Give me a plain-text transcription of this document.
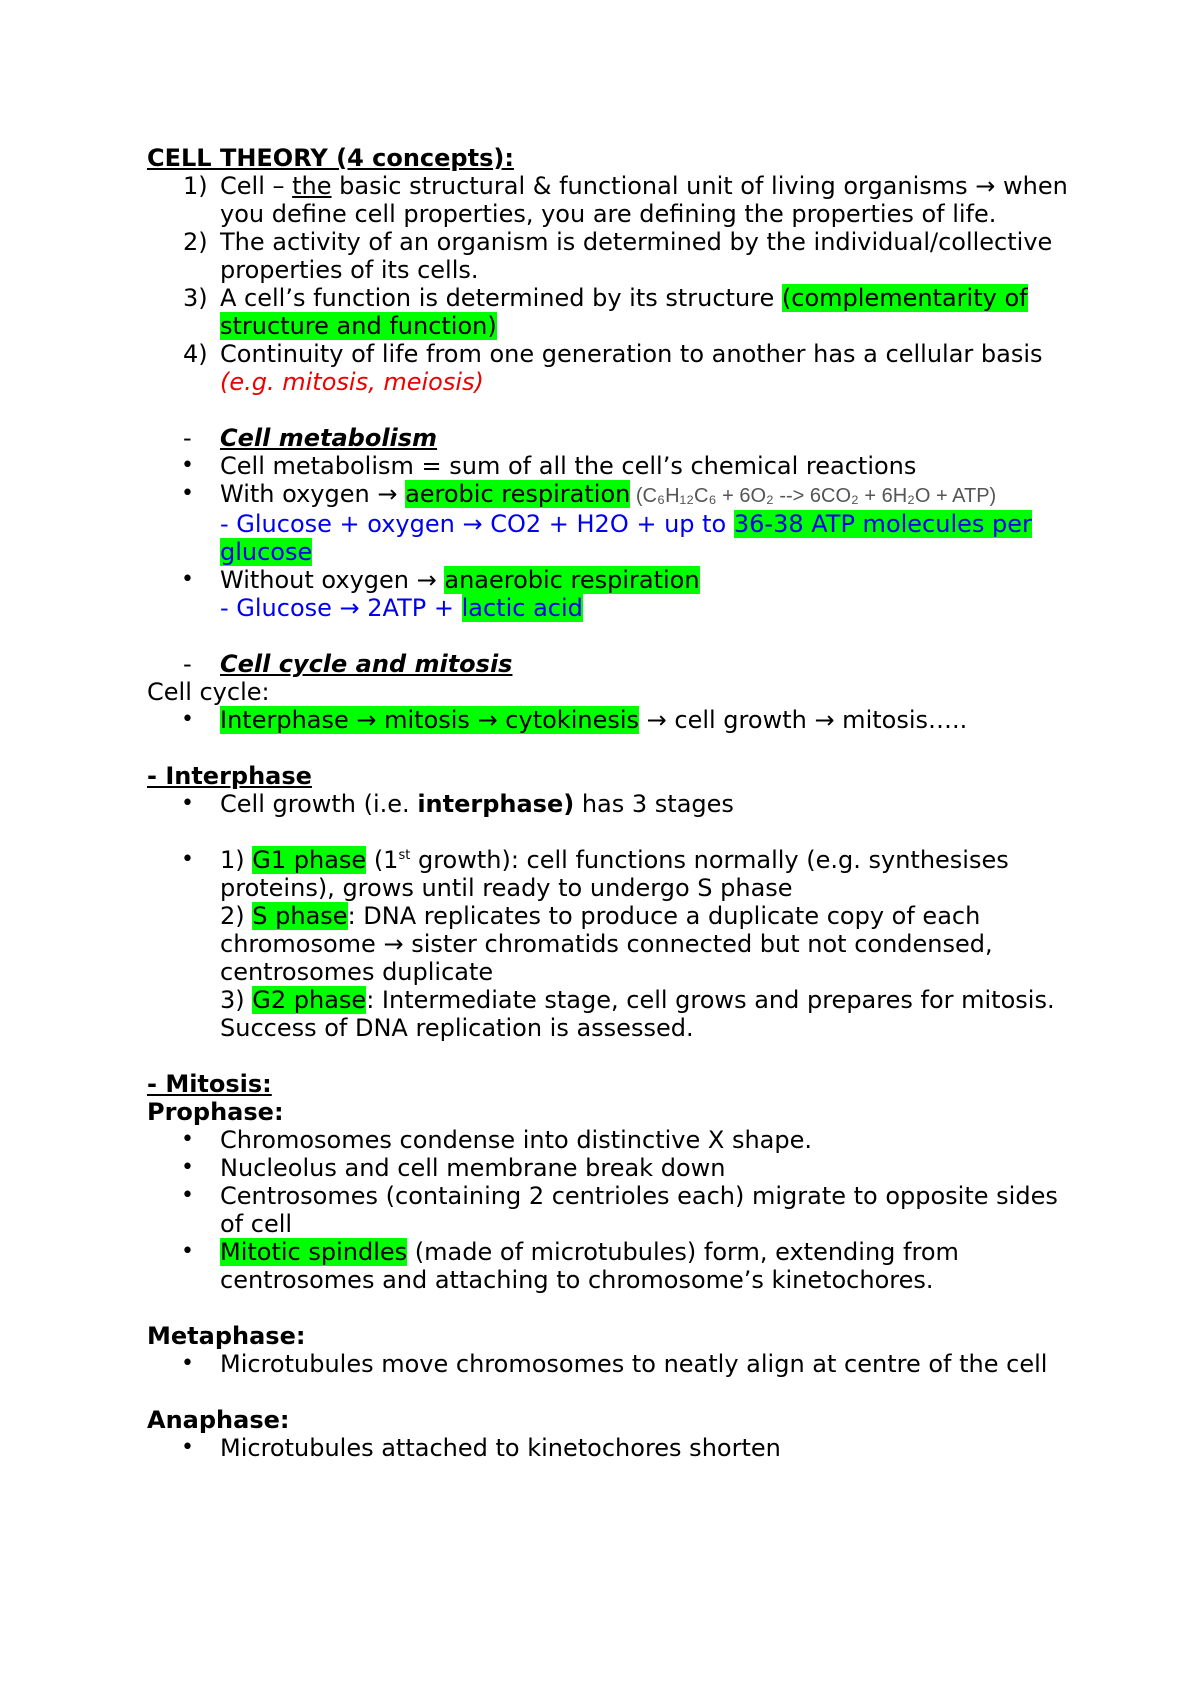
CELL THEORY (4 concepts):
1) Cell – the basic structural & functional unit of living organisms → when you define cell properties, you are defining the properties of life.
2) The activity of an organism is determined by the individual/collective properties of its cells.
3) A cell’s function is determined by its structure (complementarity of structure and function)
4) Continuity of life from one generation to another has a cellular basis
(e.g. mitosis, meiosis)
- Cell metabolism
• Cell metabolism = sum of all the cell’s chemical reactions
• With oxygen → aerobic respiration (C₆H₁₂C₆ + 6O₂ --> 6CO₂ + 6H₂O + ATP)
- Glucose + oxygen → CO2 + H2O + up to 36-38 ATP molecules per glucose
• Without oxygen → anaerobic respiration
- Glucose → 2ATP + lactic acid
- Cell cycle and mitosis
Cell cycle:
• Interphase → mitosis → cytokinesis → cell growth → mitosis…..
- Interphase
• Cell growth (i.e. interphase) has 3 stages
• 1) G1 phase (1st growth): cell functions normally (e.g. synthesises proteins), grows until ready to undergo S phase
2) S phase: DNA replicates to produce a duplicate copy of each chromosome → sister chromatids connected but not condensed, centrosomes duplicate
3) G2 phase: Intermediate stage, cell grows and prepares for mitosis. Success of DNA replication is assessed.
- Mitosis:
Prophase:
• Chromosomes condense into distinctive X shape.
• Nucleolus and cell membrane break down
• Centrosomes (containing 2 centrioles each) migrate to opposite sides of cell
• Mitotic spindles (made of microtubules) form, extending from centrosomes and attaching to chromosome’s kinetochores.
Metaphase:
• Microtubules move chromosomes to neatly align at centre of the cell
Anaphase:
• Microtubules attached to kinetochores shorten
